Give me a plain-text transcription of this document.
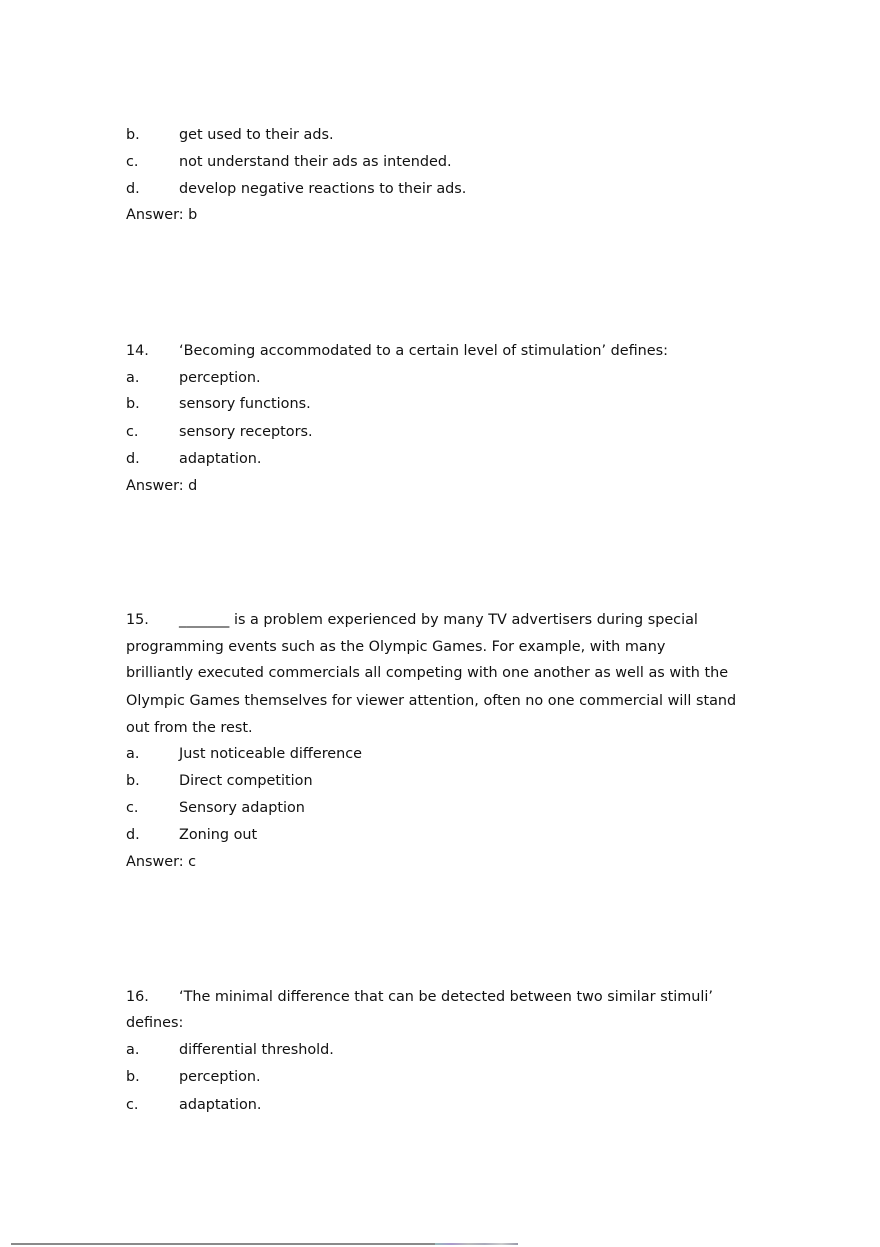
b.	get used to their ads.
c.	not understand their ads as intended.
d.	develop negative reactions to their ads.
Answer: b
14. ‘Becoming accommodated to a certain level of stimulation’ defines:
a.	perception.
b.	sensory functions.
c.	sensory receptors.
d.	adaptation.
Answer: d
15. _______ is a problem experienced by many TV advertisers during special
programming events such as the Olympic Games. For example, with many
brilliantly executed commercials all competing with one another as well as with the
Olympic Games themselves for viewer attention, often no one commercial will stand
out from the rest.
a.	Just noticeable difference
b.	Direct competition
c.	Sensory adaption
d.	Zoning out
Answer: c
16. ‘The minimal difference that can be detected between two similar stimuli’
defines:
a.	differential threshold.
b.	perception.
c.	adaptation.
